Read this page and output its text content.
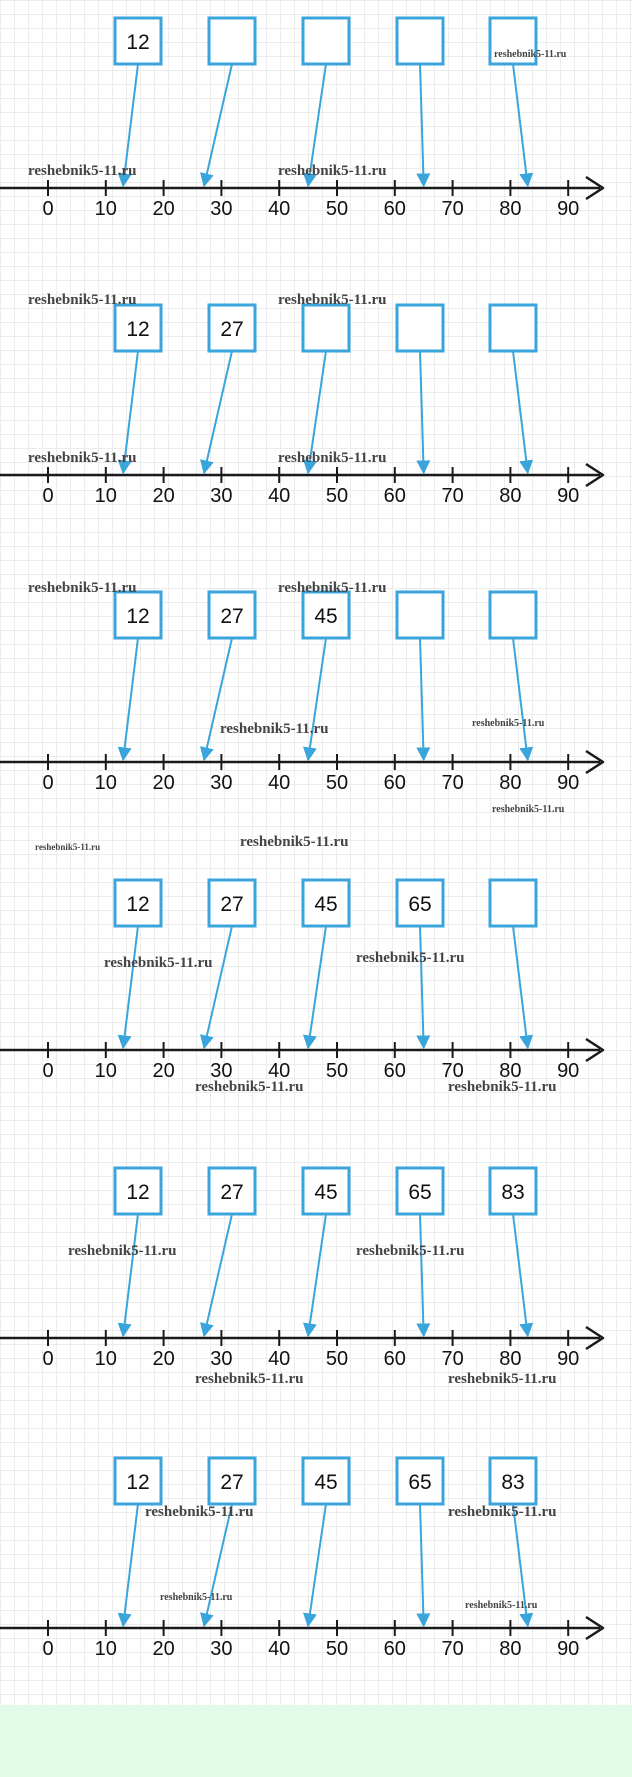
0 10 20 30 40 50 60 70 80 90
12
reshebnik5-11.ru	reshebnik5-11.ru
reshebnik5-11.ru
0 10 20 30 40 50 60 70 80 90
12	27
reshebnik5-11.ru	reshebnik5-11.ru
reshebnik5-11.ru	reshebnik5-11.ru
0 10 20 30 40 50 60 70 80 90
12	27	45
reshebnik5-11.ru	reshebnik5-11.ru
reshebnik5-11.ru	reshebnik5-11.ru
reshebnik5-11.ru
reshebnik5-11.ru	reshebnik5-11.ru
0 10 20 30 40 50 60 70 80 90
12	27	45	65
reshebnik5-11.ru	reshebnik5-11.ru
reshebnik5-11.ru	reshebnik5-11.ru
0 10 20 30 40 50 60 70 80 90
12	27	45	65	83
reshebnik5-11.ru	reshebnik5-11.ru
reshebnik5-11.ru	reshebnik5-11.ru
0 10 20 30 40 50 60 70 80 90
12	27	45	65	83
reshebnik5-11.ru	reshebnik5-11.ru
reshebnik5-11.ru
reshebnik5-11.ru
